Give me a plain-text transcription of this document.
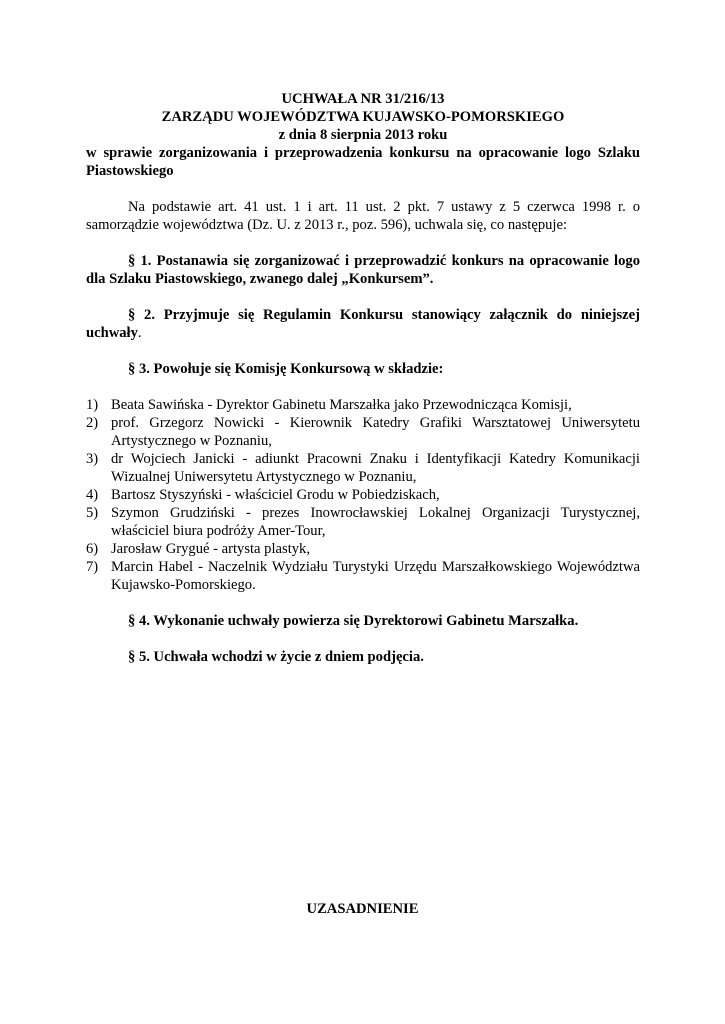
UCHWAŁA NR 31/216/13
ZARZĄDU WOJEWÓDZTWA KUJAWSKO-POMORSKIEGO
z dnia 8 sierpnia 2013 roku

w sprawie zorganizowania i przeprowadzenia konkursu na opracowanie logo Szlaku Piastowskiego

Na podstawie art. 41 ust. 1 i art. 11 ust. 2 pkt. 7 ustawy z 5 czerwca 1998 r. o samorządzie województwa (Dz. U. z 2013 r., poz. 596), uchwala się, co następuje:

§ 1. Postanawia się zorganizować i przeprowadzić konkurs na opracowanie logo dla Szlaku Piastowskiego, zwanego dalej „Konkursem”.

§ 2. Przyjmuje się Regulamin Konkursu stanowiący załącznik do niniejszej uchwały.

§ 3. Powołuje się Komisję Konkursową w składzie:

1) Beata Sawińska - Dyrektor Gabinetu Marszałka jako Przewodnicząca Komisji,
2) prof. Grzegorz Nowicki - Kierownik Katedry Grafiki Warsztatowej Uniwersytetu Artystycznego w Poznaniu,
3) dr Wojciech Janicki - adiunkt Pracowni Znaku i Identyfikacji Katedry Komunikacji Wizualnej Uniwersytetu Artystycznego w Poznaniu,
4) Bartosz Styszyński - właściciel Grodu w Pobiedziskach,
5) Szymon Grudziński - prezes Inowrocławskiej Lokalnej Organizacji Turystycznej, właściciel biura podróży Amer-Tour,
6) Jarosław Grygué - artysta plastyk,
7) Marcin Habel - Naczelnik Wydziału Turystyki Urzędu Marszałkowskiego Województwa Kujawsko-Pomorskiego.

§ 4. Wykonanie uchwały powierza się Dyrektorowi Gabinetu Marszałka.

§ 5. Uchwała wchodzi w życie z dniem podjęcia.

UZASADNIENIE
